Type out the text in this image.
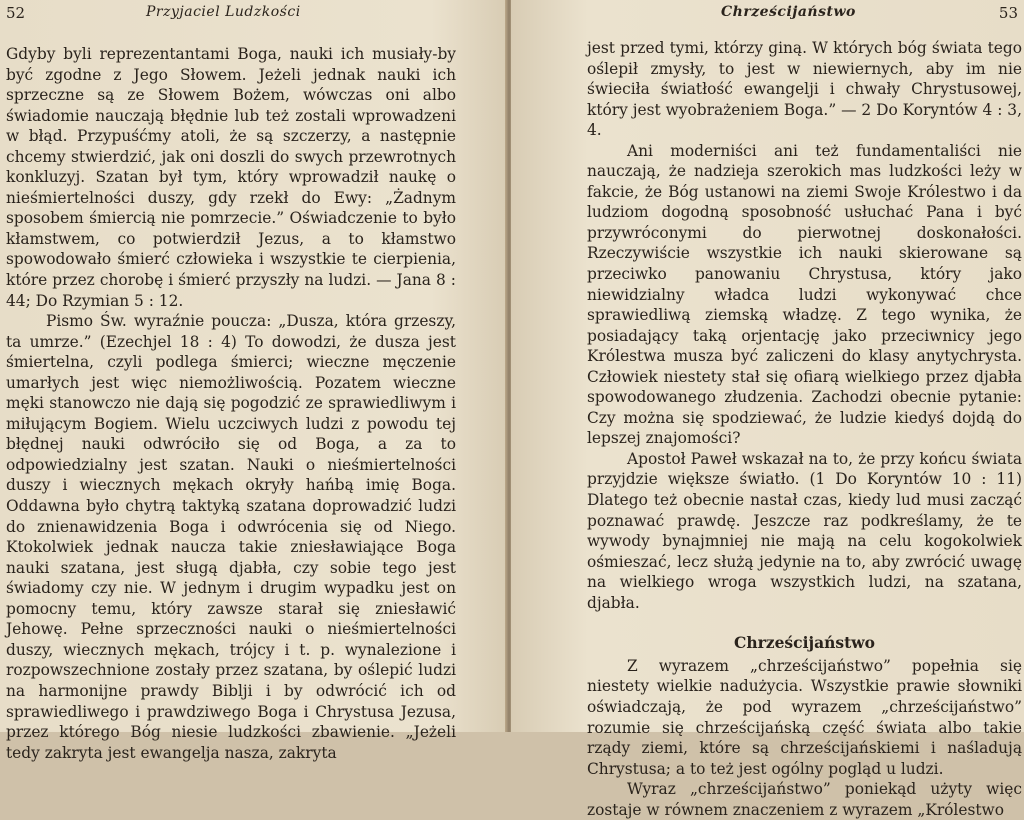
52	Przyjaciel Ludzkości

Gdyby byli reprezentantami Boga, nauki ich musiały-by być zgodne z Jego Słowem. Jeżeli jednak nauki ich sprzeczne są ze Słowem Bożem, wówczas oni albo świadomie nauczają błędnie lub też zostali wprowadzeni w błąd. Przypuśćmy atoli, że są szczerzy, a następnie chcemy stwierdzić, jak oni doszli do swych przewrotnych konkluzyj. Szatan był tym, który wprowadził naukę o nieśmiertelności duszy, gdy rzekł do Ewy: „Żadnym sposobem śmiercią nie pomrzecie.” Oświadczenie to było kłamstwem, co potwierdził Jezus, a to kłamstwo spowodowało śmierć człowieka i wszystkie te cierpienia, które przez chorobę i śmierć przyszły na ludzi. — Jana 8 : 44; Do Rzymian 5 : 12.

Pismo Św. wyraźnie poucza: „Dusza, która grzeszy, ta umrze.” (Ezechjel 18 : 4) To dowodzi, że dusza jest śmiertelna, czyli podlega śmierci; wieczne męczenie umarłych jest więc niemożliwością. Pozatem wieczne męki stanowczo nie dają się pogodzić ze sprawiedliwym i miłującym Bogiem. Wielu uczciwych ludzi z powodu tej błędnej nauki odwróciło się od Boga, a za to odpowiedzialny jest szatan. Nauki o nieśmiertelności duszy i wiecznych mękach okryły hańbą imię Boga. Oddawna było chytrą taktyką szatana doprowadzić ludzi do znienawidzenia Boga i odwrócenia się od Niego. Ktokolwiek jednak naucza takie zniesławiające Boga nauki szatana, jest sługą djabła, czy sobie tego jest świadomy czy nie. W jednym i drugim wypadku jest on pomocny temu, który zawsze starał się zniesławić Jehowę. Pełne sprzeczności nauki o nieśmiertelności duszy, wiecznych mękach, trójcy i t. p. wynalezione i rozpowszechnione zostały przez szatana, by oślepić ludzi na harmonijne prawdy Biblji i by odwrócić ich od sprawiedliwego i prawdziwego Boga i Chrystusa Jezusa, przez którego Bóg niesie ludzkości zbawienie. „Jeżeli tedy zakryta jest ewangelja nasza, zakryta

Chrześcijaństwo	53

jest przed tymi, którzy giną. W których bóg świata tego oślepił zmysły, to jest w niewiernych, aby im nie świeciła światłość ewangelji i chwały Chrystusowej, który jest wyobrażeniem Boga.” — 2 Do Koryntów 4 : 3, 4.

Ani moderniści ani też fundamentaliści nie nauczają, że nadzieja szerokich mas ludzkości leży w fakcie, że Bóg ustanowi na ziemi Swoje Królestwo i da ludziom dogodną sposobność usłuchać Pana i być przywróconymi do pierwotnej doskonałości. Rzeczywiście wszystkie ich nauki skierowane są przeciwko panowaniu Chrystusa, który jako niewidzialny władca ludzi wykonywać chce sprawiedliwą ziemską władzę. Z tego wynika, że posiadający taką orjentację jako przeciwnicy jego Królestwa musza być zaliczeni do klasy anytychrysta. Człowiek niestety stał się ofiarą wielkiego przez djabła spowodowanego złudzenia. Zachodzi obecnie pytanie: Czy można się spodziewać, że ludzie kiedyś dojdą do lepszej znajomości?

Apostoł Paweł wskazał na to, że przy końcu świata przyjdzie większe światło. (1 Do Koryntów 10 : 11) Dlatego też obecnie nastał czas, kiedy lud musi zacząć poznawać prawdę. Jeszcze raz podkreślamy, że te wywody bynajmniej nie mają na celu kogokolwiek ośmieszać, lecz służą jedynie na to, aby zwrócić uwagę na wielkiego wroga wszystkich ludzi, na szatana, djabła.

Chrześcijaństwo

Z wyrazem „chrześcijaństwo” popełnia się niestety wielkie nadużycia. Wszystkie prawie słowniki oświadczają, że pod wyrazem „chrześcijaństwo” rozumie się chrześcijańską część świata albo takie rządy ziemi, które są chrześcijańskiemi i naśladują Chrystusa; a to też jest ogólny pogląd u ludzi.

Wyraz „chrześcijaństwo” poniekąd użyty więc zostaje w równem znaczeniem z wyrazem „Królestwo
